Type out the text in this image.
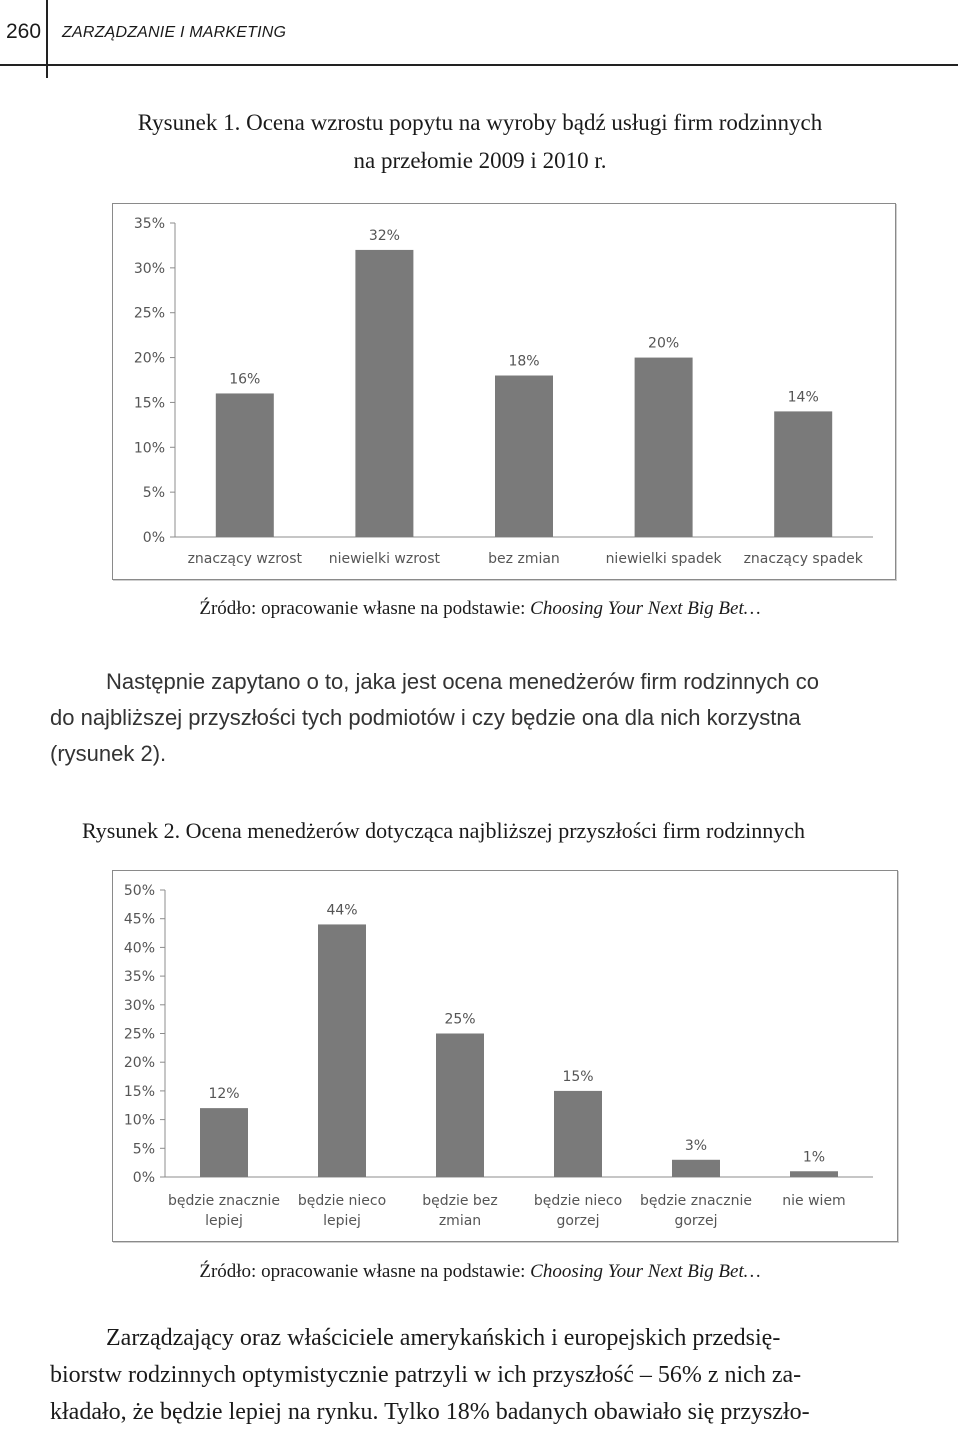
260 ZARZĄDZANIE I MARKETING
Rysunek 1. Ocena wzrostu popytu na wyroby bądź usługi firm rodzinnych
na przełomie 2009 i 2010 r.
0%
5%
10%
15%
20%
25%
30%
35%
16%
znaczący wzrost
32%
niewielki wzrost
18%
bez zmian
20%
niewielki spadek
14%
znaczący spadek
Źródło: opracowanie własne na podstawie: Choosing Your Next Big Bet…
Następnie zapytano o to, jaka jest ocena menedżerów firm rodzinnych co
do najbliższej przyszłości tych podmiotów i czy będzie ona dla nich korzystna
(rysunek 2).
Rysunek 2. Ocena menedżerów dotycząca najbliższej przyszłości firm rodzinnych
0%
5%
10%
15%
20%
25%
30%
35%
40%
45%
50%
12%
będzie znacznie
lepiej
44%
będzie nieco
lepiej
25%
będzie bez
zmian
15%
będzie nieco
gorzej
3%
będzie znacznie
gorzej
1%
nie wiem
Źródło: opracowanie własne na podstawie: Choosing Your Next Big Bet…
Zarządzający oraz właściciele amerykańskich i europejskich przedsię-
biorstw rodzinnych optymistycznie patrzyli w ich przyszłość – 56% z nich za-
kładało, że będzie lepiej na rynku. Tylko 18% badanych obawiało się przyszło-
